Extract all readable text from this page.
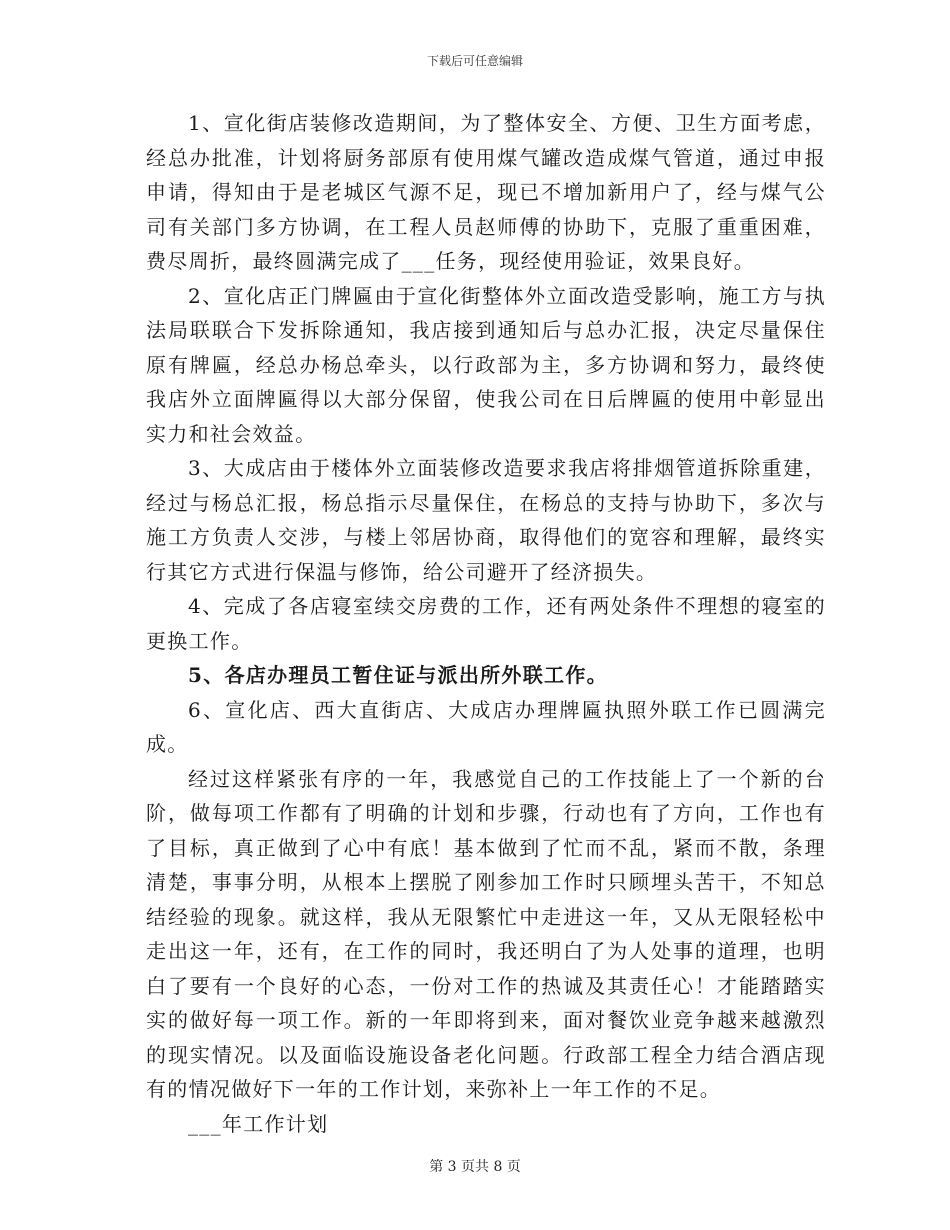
下载后可任意编辑

1、宣化街店装修改造期间，为了整体安全、方便、卫生方面考虑，经总办批准，计划将厨务部原有使用煤气罐改造成煤气管道，通过申报申请，得知由于是老城区气源不足，现已不增加新用户了，经与煤气公司有关部门多方协调，在工程人员赵师傅的协助下，克服了重重困难，费尽周折，最终圆满完成了___任务，现经使用验证，效果良好。

2、宣化店正门牌匾由于宣化街整体外立面改造受影响，施工方与执法局联联合下发拆除通知，我店接到通知后与总办汇报，决定尽量保住原有牌匾，经总办杨总牵头，以行政部为主，多方协调和努力，最终使我店外立面牌匾得以大部分保留，使我公司在日后牌匾的使用中彰显出实力和社会效益。

3、大成店由于楼体外立面装修改造要求我店将排烟管道拆除重建，经过与杨总汇报，杨总指示尽量保住，在杨总的支持与协助下，多次与施工方负责人交涉，与楼上邻居协商，取得他们的宽容和理解，最终实行其它方式进行保温与修饰，给公司避开了经济损失。

4、完成了各店寝室续交房费的工作，还有两处条件不理想的寝室的更换工作。

5、各店办理员工暂住证与派出所外联工作。

6、宣化店、西大直街店、大成店办理牌匾执照外联工作已圆满完成。

经过这样紧张有序的一年，我感觉自己的工作技能上了一个新的台阶，做每项工作都有了明确的计划和步骤，行动也有了方向，工作也有了目标，真正做到了心中有底！基本做到了忙而不乱，紧而不散，条理清楚，事事分明，从根本上摆脱了刚参加工作时只顾埋头苦干，不知总结经验的现象。就这样，我从无限繁忙中走进这一年，又从无限轻松中走出这一年，还有，在工作的同时，我还明白了为人处事的道理，也明白了要有一个良好的心态，一份对工作的热诚及其责任心！才能踏踏实实的做好每一项工作。新的一年即将到来，面对餐饮业竞争越来越激烈的现实情况。以及面临设施设备老化问题。行政部工程全力结合酒店现有的情况做好下一年的工作计划，来弥补上一年工作的不足。

___年工作计划

第 3 页共 8 页
